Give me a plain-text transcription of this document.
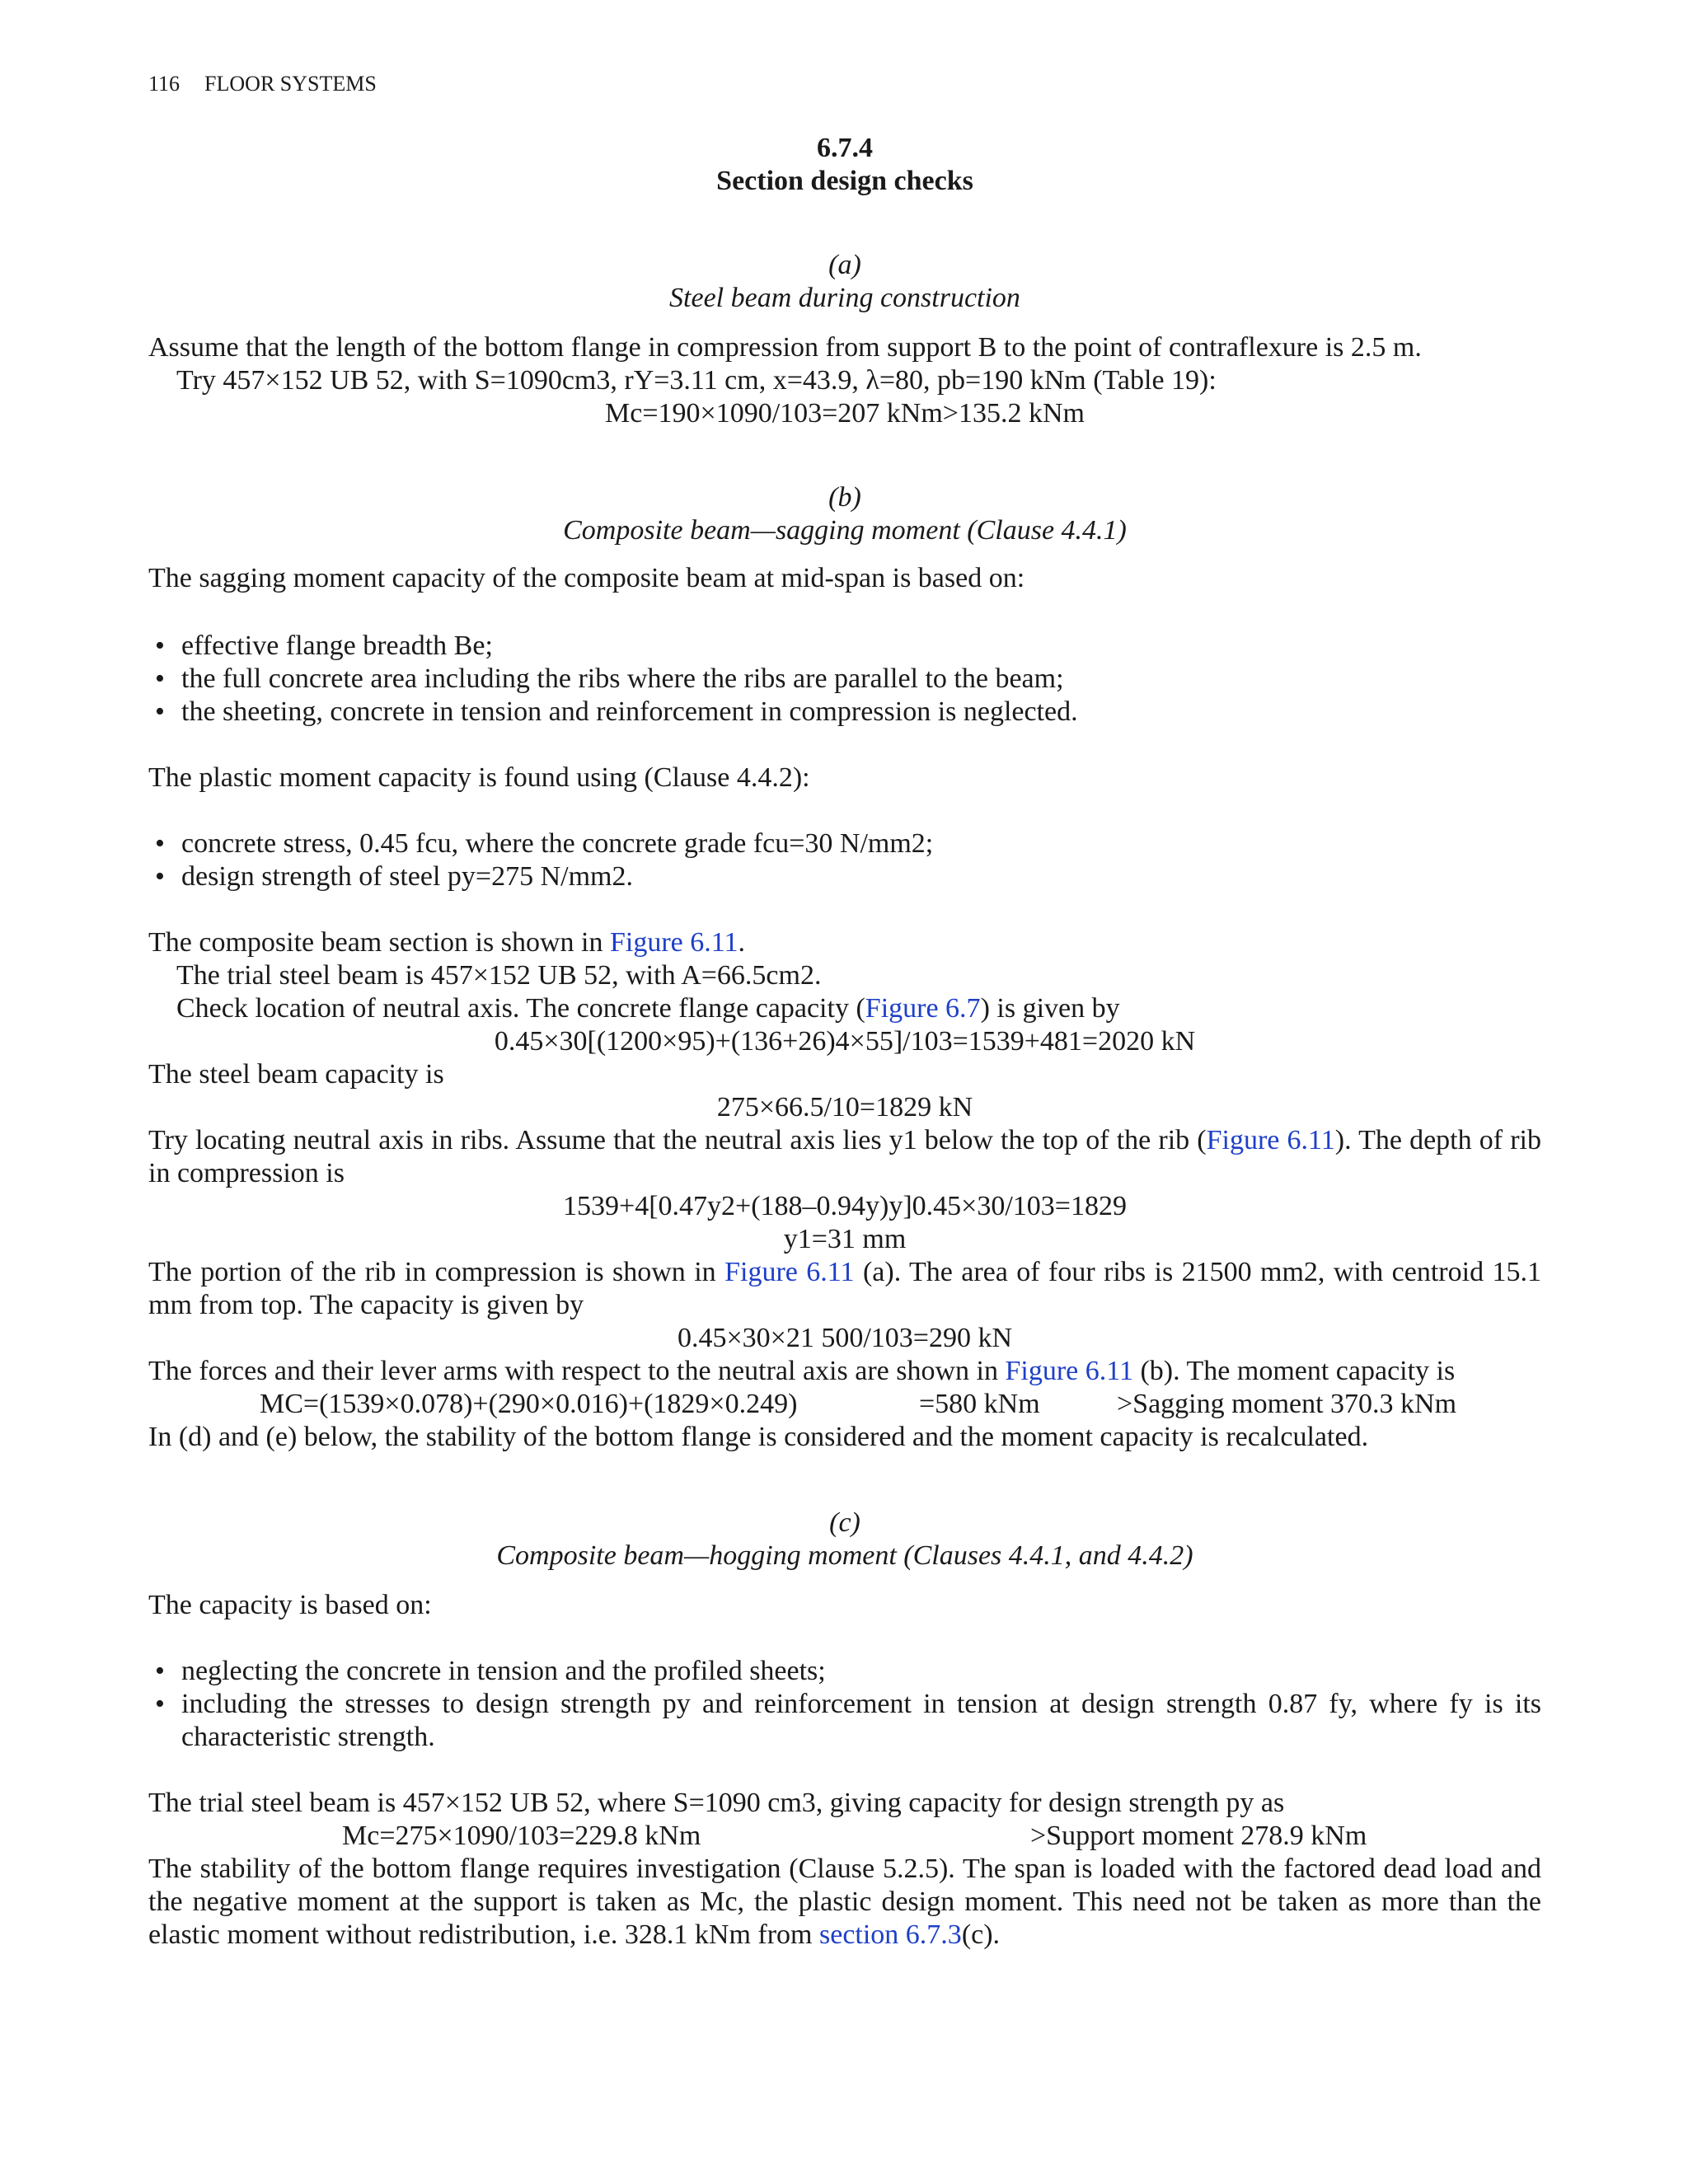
116 FLOOR SYSTEMS
6.7.4
Section design checks
(a)
Steel beam during construction
Assume that the length of the bottom flange in compression from support B to the point of contraflexure is 2.5 m.
Try 457×152 UB 52, with S=1090cm3, rY=3.11 cm, x=43.9, λ=80, pb=190 kNm (Table 19):
Mc=190×1090/103=207 kNm>135.2 kNm
(b)
Composite beam—sagging moment (Clause 4.4.1)
The sagging moment capacity of the composite beam at mid-span is based on:
• effective flange breadth Be;
• the full concrete area including the ribs where the ribs are parallel to the beam;
• the sheeting, concrete in tension and reinforcement in compression is neglected.
The plastic moment capacity is found using (Clause 4.4.2):
• concrete stress, 0.45 fcu, where the concrete grade fcu=30 N/mm2;
• design strength of steel py=275 N/mm2.
The composite beam section is shown in Figure 6.11.
The trial steel beam is 457×152 UB 52, with A=66.5cm2.
Check location of neutral axis. The concrete flange capacity (Figure 6.7) is given by
0.45×30[(1200×95)+(136+26)4×55]/103=1539+481=2020 kN
The steel beam capacity is
275×66.5/10=1829 kN
Try locating neutral axis in ribs. Assume that the neutral axis lies y1 below the top of the rib (Figure 6.11). The depth of rib in compression is
1539+4[0.47y2+(188–0.94y)y]0.45×30/103=1829
y1=31 mm
The portion of the rib in compression is shown in Figure 6.11 (a). The area of four ribs is 21500 mm2, with centroid 15.1 mm from top. The capacity is given by
0.45×30×21 500/103=290 kN
The forces and their lever arms with respect to the neutral axis are shown in Figure 6.11 (b). The moment capacity is
MC=(1539×0.078)+(290×0.016)+(1829×0.249)	=580 kNm	>Sagging moment 370.3 kNm
In (d) and (e) below, the stability of the bottom flange is considered and the moment capacity is recalculated.
(c)
Composite beam—hogging moment (Clauses 4.4.1, and 4.4.2)
The capacity is based on:
• neglecting the concrete in tension and the profiled sheets;
• including the stresses to design strength py and reinforcement in tension at design strength 0.87 fy, where fy is its characteristic strength.
The trial steel beam is 457×152 UB 52, where S=1090 cm3, giving capacity for design strength py as
Mc=275×1090/103=229.8 kNm	>Support moment 278.9 kNm
The stability of the bottom flange requires investigation (Clause 5.2.5). The span is loaded with the factored dead load and the negative moment at the support is taken as Mc, the plastic design moment. This need not be taken as more than the elastic moment without redistribution, i.e. 328.1 kNm from section 6.7.3(c).
